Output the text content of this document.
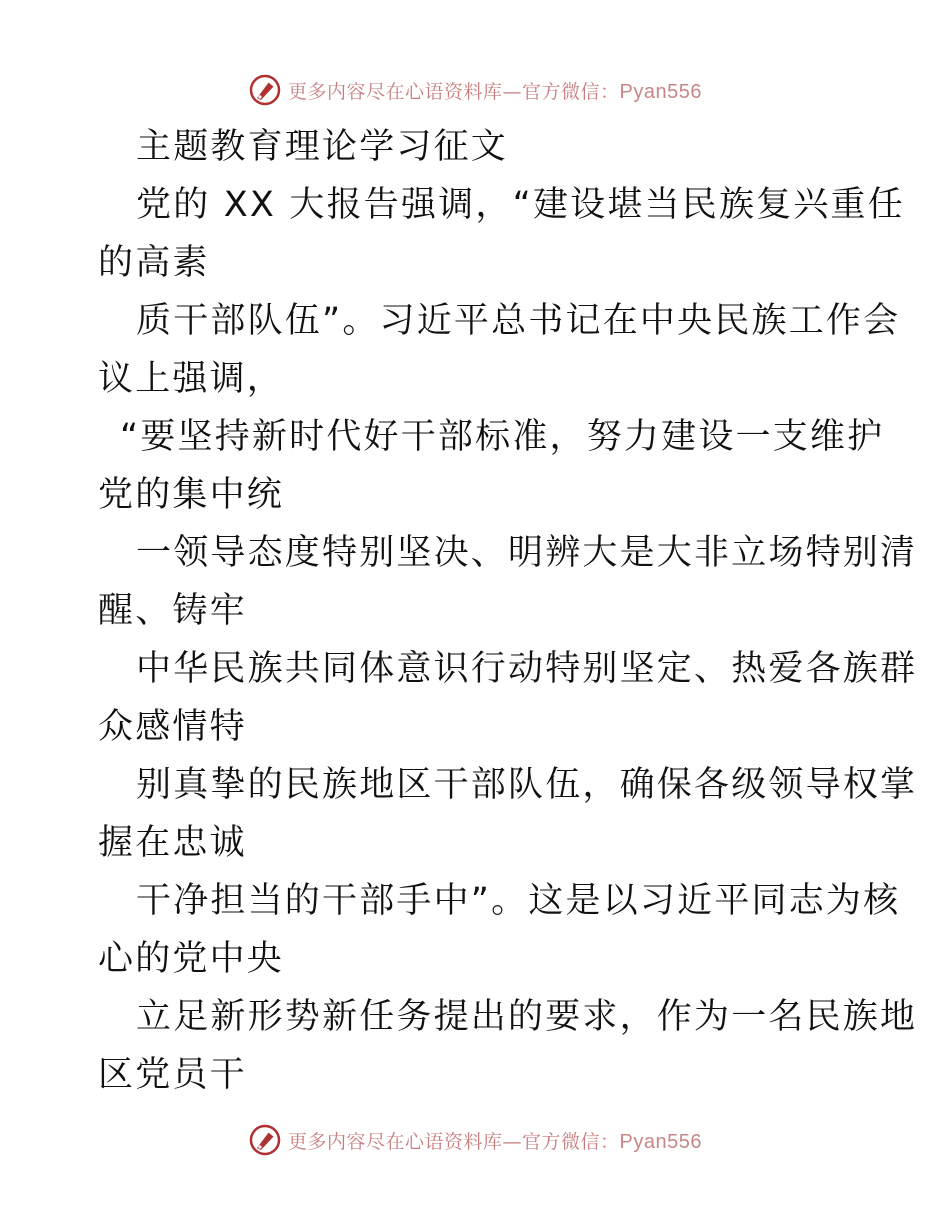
更多内容尽在心语资料库—官方微信：Pyan556
主题教育理论学习征文
党的 XX 大报告强调，“建设堪当民族复兴重任
的高素
质干部队伍”。习近平总书记在中央民族工作会
议上强调，
“要坚持新时代好干部标准，努力建设一支维护
党的集中统
一领导态度特别坚决、明辨大是大非立场特别清
醒、铸牢
中华民族共同体意识行动特别坚定、热爱各族群
众感情特
别真挚的民族地区干部队伍，确保各级领导权掌
握在忠诚
干净担当的干部手中”。这是以习近平同志为核
心的党中央
立足新形势新任务提出的要求，作为一名民族地
区党员干
更多内容尽在心语资料库—官方微信：Pyan556
